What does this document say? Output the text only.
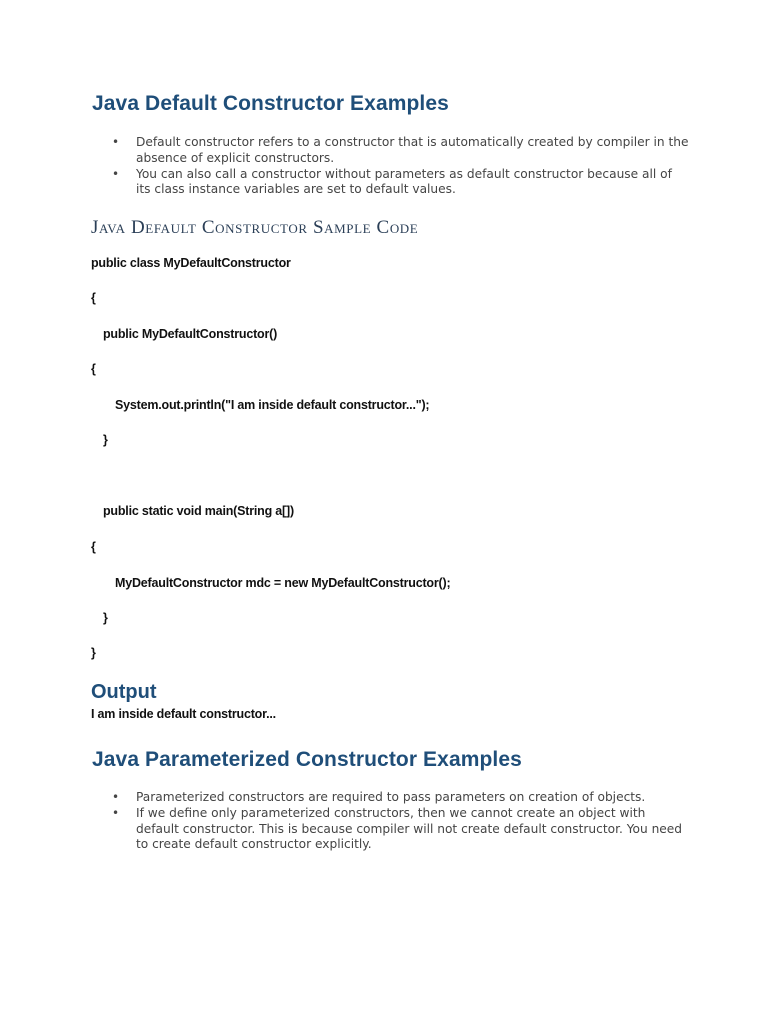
Java Default Constructor Examples
• Default constructor refers to a constructor that is automatically created by compiler in the absence of explicit constructors.
• You can also call a constructor without parameters as default constructor because all of its class instance variables are set to default values.
Java Default Constructor Sample Code

public class MyDefaultConstructor

{

public MyDefaultConstructor()

{

System.out.println("I am inside default constructor...");

}

public static void main(String a[])

{

MyDefaultConstructor mdc = new MyDefaultConstructor();

}

}

Output

I am inside default constructor...

Java Parameterized Constructor Examples
• Parameterized constructors are required to pass parameters on creation of objects.
• If we define only parameterized constructors, then we cannot create an object with default constructor. This is because compiler will not create default constructor. You need to create default constructor explicitly.
